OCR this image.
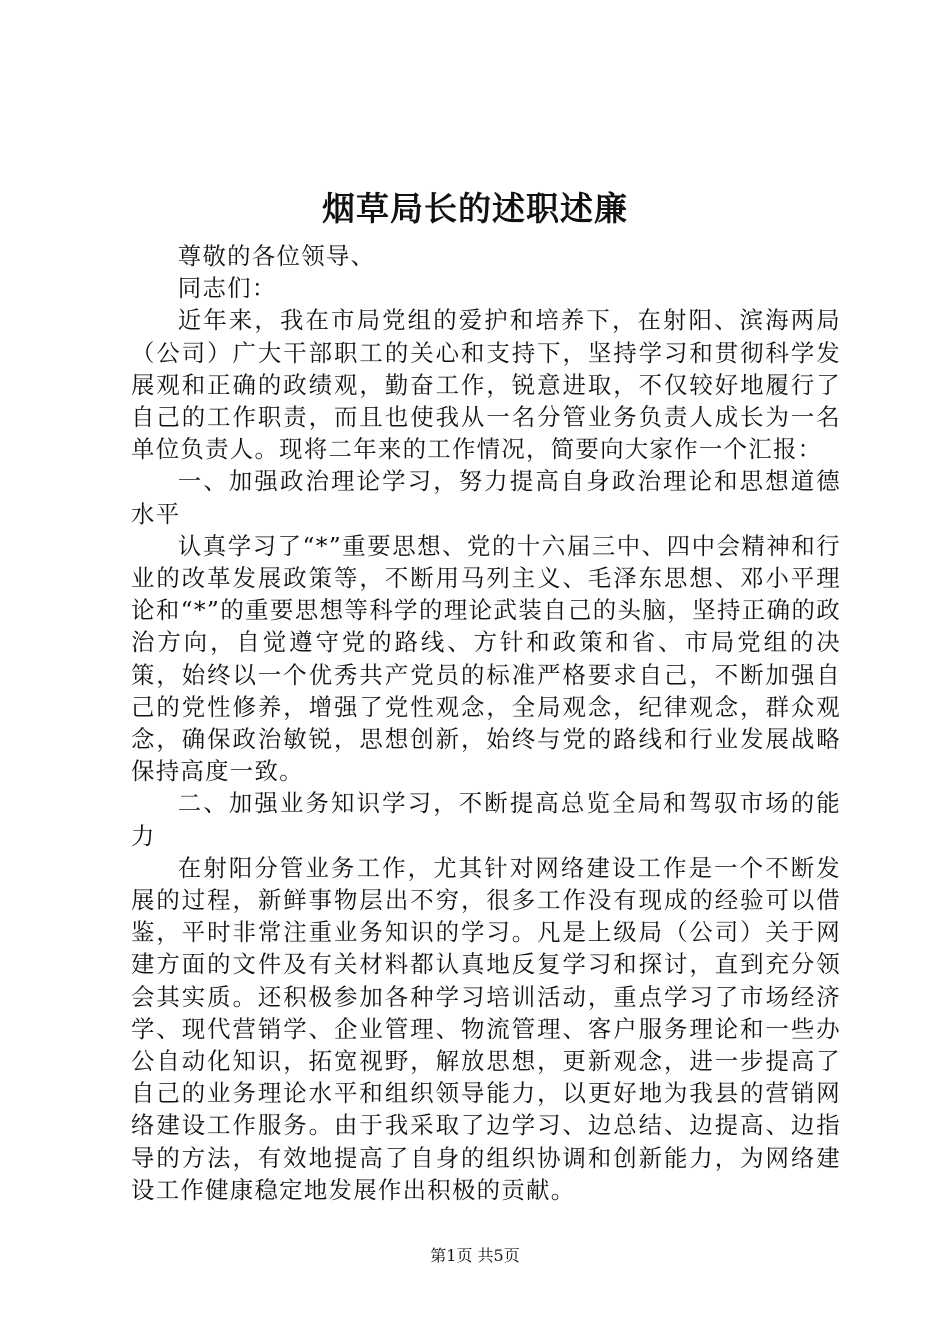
烟草局长的述职述廉

尊敬的各位领导、

同志们：

近年来，我在市局党组的爱护和培养下，在射阳、滨海两局（公司）广大干部职工的关心和支持下，坚持学习和贯彻科学发展观和正确的政绩观，勤奋工作，锐意进取，不仅较好地履行了自己的工作职责，而且也使我从一名分管业务负责人成长为一名单位负责人。现将二年来的工作情况，简要向大家作一个汇报：

一、加强政治理论学习，努力提高自身政治理论和思想道德水平

认真学习了“*”重要思想、党的十六届三中、四中会精神和行业的改革发展政策等，不断用马列主义、毛泽东思想、邓小平理论和“*”的重要思想等科学的理论武装自己的头脑，坚持正确的政治方向，自觉遵守党的路线、方针和政策和省、市局党组的决策，始终以一个优秀共产党员的标准严格要求自己，不断加强自己的党性修养，增强了党性观念，全局观念，纪律观念，群众观念，确保政治敏锐，思想创新，始终与党的路线和行业发展战略保持高度一致。

二、加强业务知识学习，不断提高总览全局和驾驭市场的能力

在射阳分管业务工作，尤其针对网络建设工作是一个不断发展的过程，新鲜事物层出不穷，很多工作没有现成的经验可以借鉴，平时非常注重业务知识的学习。凡是上级局（公司）关于网建方面的文件及有关材料都认真地反复学习和探讨，直到充分领会其实质。还积极参加各种学习培训活动，重点学习了市场经济学、现代营销学、企业管理、物流管理、客户服务理论和一些办公自动化知识，拓宽视野，解放思想，更新观念，进一步提高了自己的业务理论水平和组织领导能力，以更好地为我县的营销网络建设工作服务。由于我采取了边学习、边总结、边提高、边指导的方法，有效地提高了自身的组织协调和创新能力，为网络建设工作健康稳定地发展作出积极的贡献。

第1页 共5页
